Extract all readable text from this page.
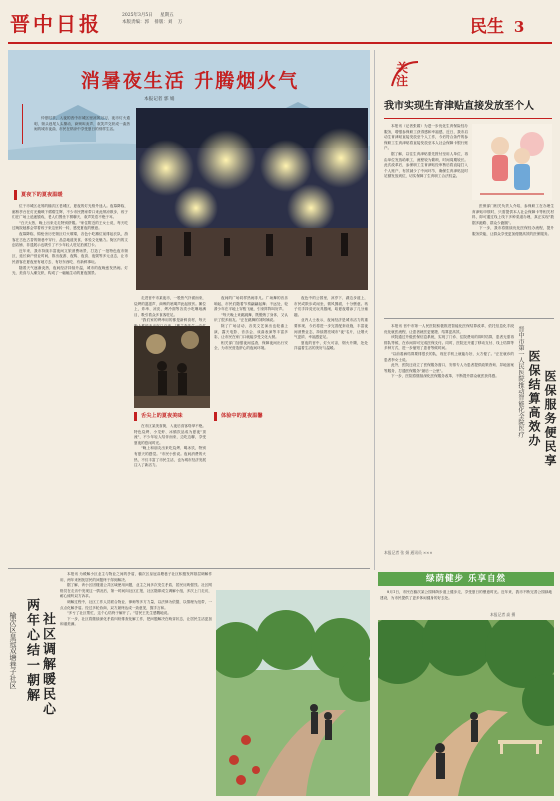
晋中日报	2025年3月5日 星期五
本版责编：郭 排版：刘 万	民生 3
消暑夜生活 升腾烟火气
本报记者 郭 娟

仲夏时节，入夜的晋中市城区里凉风习习，夜市灯火通明，街头巷尾人头攒动，商贩叫卖声、欢笑声交织成一曲热闹的城市夜曲，市民在纳凉中享受夏日的别样生活。

夏夜下的夏夜温暖

位于市城区北郊的榆次区老城区，夏夜的灯光格外迷人。夜幕降临，廊桥亭台在灯光掩映下熠熠生辉，不少市民携家带口来此纳凉散步，孩子们在广场上追逐嬉戏，老人们围坐下棋聊天，欢声笑语不绝于耳。

"白天太热，晚上出来走走特别舒服。"家住附近的王女士说，每天吃过晚饭她都会带着孩子来这里转一转，感受夏夜的惬意。

夜幕降临，锦纶舍历史街区灯火璀璨，各色小吃摊位前排起长队，游客在古色古香的街巷中穿行，品尝地道美食，体验文化魅力。街区内的文创店铺、非遗展示也吸引了不少年轻人驻足拍照打卡。

近年来，我市持续丰富夜间文旅消费场景，打造了一批特色夜市街区，延长商户营业时间，推出夜游、夜购、夜食、夜娱等多元业态，让市民游客在夏夜里有地方去、有好东西吃、有新鲜事玩。

随着天气逐渐炎热，夜间经济持续升温，城市的夜晚愈发热闹。灯光、美食与人潮交织，构成了一幅幅生动的夏夜图景。

走进晋中市某夜市，一股热气扑面而来，烧烤的滋滋声、商贩的吆喝声此起彼伏。摊位上，炸串、凉皮、烤冷面等各类小吃琳琅满目，吸引着众多食客驻足。

"我们家的烤串用的都是新鲜食材，每天

舌尖上的夏夜美味

在市区某美食街，入夜后食客络绎不绝。特色烧烤、小龙虾、冰镇饮品成为夏夜"顶流"，不少年轻人结伴而来，边吃边聊，享受夏夜的悠闲时光。

"晚上和朋友出来吃烧烤、喝冰饮，特别有夏天的感觉。"市民小张说。夜间消费的火热，不仅丰富了市民生活，也为城市经济发展注入了新活力。

夜间的广场同样热闹非凡。广场舞的音乐响起，市民们随着节奏翩翩起舞；不远处，轮滑少年在平地上穿梭飞驰，引来阵阵叫好声。

"每天晚上来跳跳舞，既锻炼了身体，又认识了很多朋友。"正在跳舞的刘阿姨说。

除了广场活动，各类文艺演出也轮番上演，露天电影、音乐会、戏曲表演等丰富多彩，让市民在家门口就能享受文化大餐。

相关部门加强夜间巡查，保障夜间出行安全，为市民营造舒心的夜间环境。

体验中的夏夜温馨

夜色中的公园里，凉亭下、湖边步道上，市民或散步或闲坐，微风拂面，十分惬意。孩子们手持荧光玩具嬉闹，给夏夜增添了几分童趣。

业内人士表示，夜间经济是城市活力的重要体现，今后将进一步完善配套设施，丰富夜间消费业态，持续擦亮城市"夜"名片，让烟火气更浓、幸福感更足。

夏夜的晋中，灯火可亲，烟火升腾，处处洋溢着生活的美好与温暖。

榆次区皇冠双塘巷子社区 两年心结一朝解 社区调解暖民心

本报讯 为缓解小区业主与物业之间的矛盾，榆次区皇冠双塘巷子社区积极发挥基层调解作用，两年来困扰居民的问题终于得到解决。

据了解，该小区因楼道公共区域使用问题，业主之间多次发生矛盾，居民反映强烈。社区网格员在走访中发现这一情况后，第一时间向社区汇报，社区随即成立调解小组，多次上门走访，耐心倾听双方诉求。

调解过程中，社区工作人员联合物业、律师等多方力量，以法律为依据，以情理为纽带，一点点化解矛盾。经过多轮协商，双方最终达成一致意见，握手言和。

"多亏了社区帮忙，这个心结终于解开了。"居民王先生感慨地说。

下一步，社区将继续深化矛盾纠纷排查化解工作，把问题解决在萌芽状态，让居民生活更加和谐美满。

关注
我市实现生育津贴直接发放至个人

本报讯（记者张娟）为进一步优化生育保险经办服务，增强参保职工获得感和幸福感，近日，我市启动生育津贴直接发放至个人工作，今后符合条件的参保职工生育津贴将直接发放至本人社会保障卡银行账户。

据了解，以往生育津贴需先拨付至用人单位，再由单位发放给职工，流程较为繁琐，时间周期较长。此次改革后，参保职工生育津贴经审核后将直接打入个人账户，有效减少了中间环节，确保生育津贴及时足额发放到位，切实保障了生育职工合法权益。

医保部门相关负责人介绍，参保职工在办理生育津贴申领时，只需提供本人社会保障卡等相关材料，即可通过线上线下多种渠道办理，真正实现"数据多跑路、群众少跑腿"。

下一步，我市将继续优化医保经办流程，提升服务效能，让群众享受更加便捷高效的医保服务。

本报讯 晋中市第一人民医院积极推进智能化医保结算改革，依托信息化手段优化就医流程，让患者就医更便捷、结算更高效。

该院通过升级医保信息系统，实现了门诊、住院费用的即时结算，患者无需再排队等候，在诊间即可完成医保支付。同时，医院还开通了移动支付、线上结算等多种方式，进一步缩短了患者等候时间。

"以前看病结算要排很长的队，现在手机上就能办好，太方便了。"正在就诊的患者李女士说。

此外，医院还设立了医保服务窗口，安排专人为患者提供政策咨询、异地备案等服务，打通医保服务"最后一公里"。

下一步，医院将继续深化医保服务改革，不断提升群众就医获得感。	晋中市第一人民医院推动智能化全院医疗 医保结算高效办 医保服务便民享
本报记者 张 娟 通讯员 ×××
绿荫健步 乐享自然

8月1日，市民在榆次某公园林荫步道上健步走，享受夏日的惬意时光。近年来，我市不断完善公园绿地建设，为市民提供了更多休闲健身的好去处。

本报记者 高 摄
